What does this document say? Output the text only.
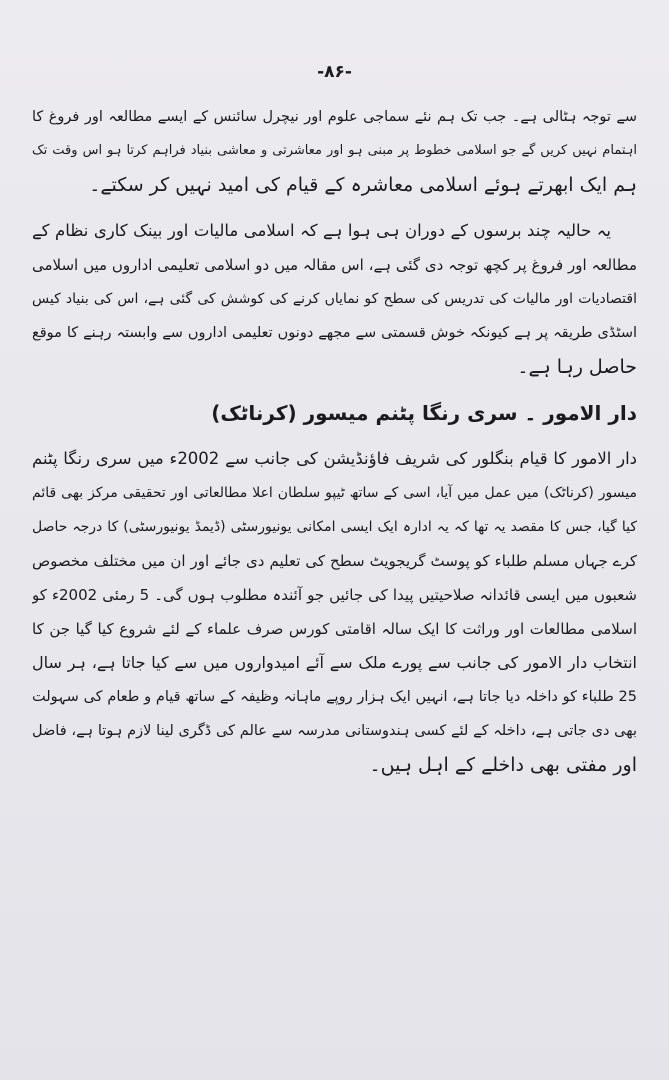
-۸۶-
سے توجہ ہٹالی ہے۔ جب تک ہم نئے سماجی علوم اور نیچرل سائنس کے ایسے مطالعہ اور فروغ کا
اہتمام نہیں کریں گے جو اسلامی خطوط پر مبنی ہو اور معاشرتی و معاشی بنیاد فراہم کرتا ہو اس وقت تک
ہم ایک ابھرتے ہوئے اسلامی معاشرہ کے قیام کی امید نہیں کر سکتے۔
یہ حالیہ چند برسوں کے دوران ہی ہوا ہے کہ اسلامی مالیات اور بینک کاری نظام کے
مطالعہ اور فروغ پر کچھ توجہ دی گئی ہے، اس مقالہ میں دو اسلامی تعلیمی اداروں میں اسلامی
اقتصادیات اور مالیات کی تدریس کی سطح کو نمایاں کرنے کی کوشش کی گئی ہے، اس کی بنیاد کیس
اسٹڈی طریقہ پر ہے کیونکہ خوش قسمتی سے مجھے دونوں تعلیمی اداروں سے وابستہ رہنے کا موقع
حاصل رہا ہے۔
دار الامور ۔ سری رنگا پٹنم میسور (کرناٹک)
دار الامور کا قیام بنگلور کی شریف فاؤنڈیشن کی جانب سے 2002ء میں سری رنگا پٹنم
میسور (کرناٹک) میں عمل میں آیا، اسی کے ساتھ ٹیپو سلطان اعلا مطالعاتی اور تحقیقی مرکز بھی قائم
کیا گیا، جس کا مقصد یہ تھا کہ یہ ادارہ ایک ایسی امکانی یونیورسٹی (ڈیمڈ یونیورسٹی) کا درجہ حاصل
کرے جہاں مسلم طلباء کو پوسٹ گریجویٹ سطح کی تعلیم دی جائے اور ان میں مختلف مخصوص
شعبوں میں ایسی قائدانہ صلاحیتیں پیدا کی جائیں جو آئندہ مطلوب ہوں گی۔ 5 رمئی 2002ء کو
اسلامی مطالعات اور وراثت کا ایک سالہ اقامتی کورس صرف علماء کے لئے شروع کیا گیا جن کا
انتخاب دار الامور کی جانب سے پورے ملک سے آئے امیدواروں میں سے کیا جاتا ہے، ہر سال
25 طلباء کو داخلہ دیا جاتا ہے، انہیں ایک ہزار روپے ماہانہ وظیفہ کے ساتھ قیام و طعام کی سہولت
بھی دی جاتی ہے، داخلہ کے لئے کسی ہندوستانی مدرسہ سے عالم کی ڈگری لینا لازم ہوتا ہے، فاضل
اور مفتی بھی داخلے کے اہل ہیں۔
